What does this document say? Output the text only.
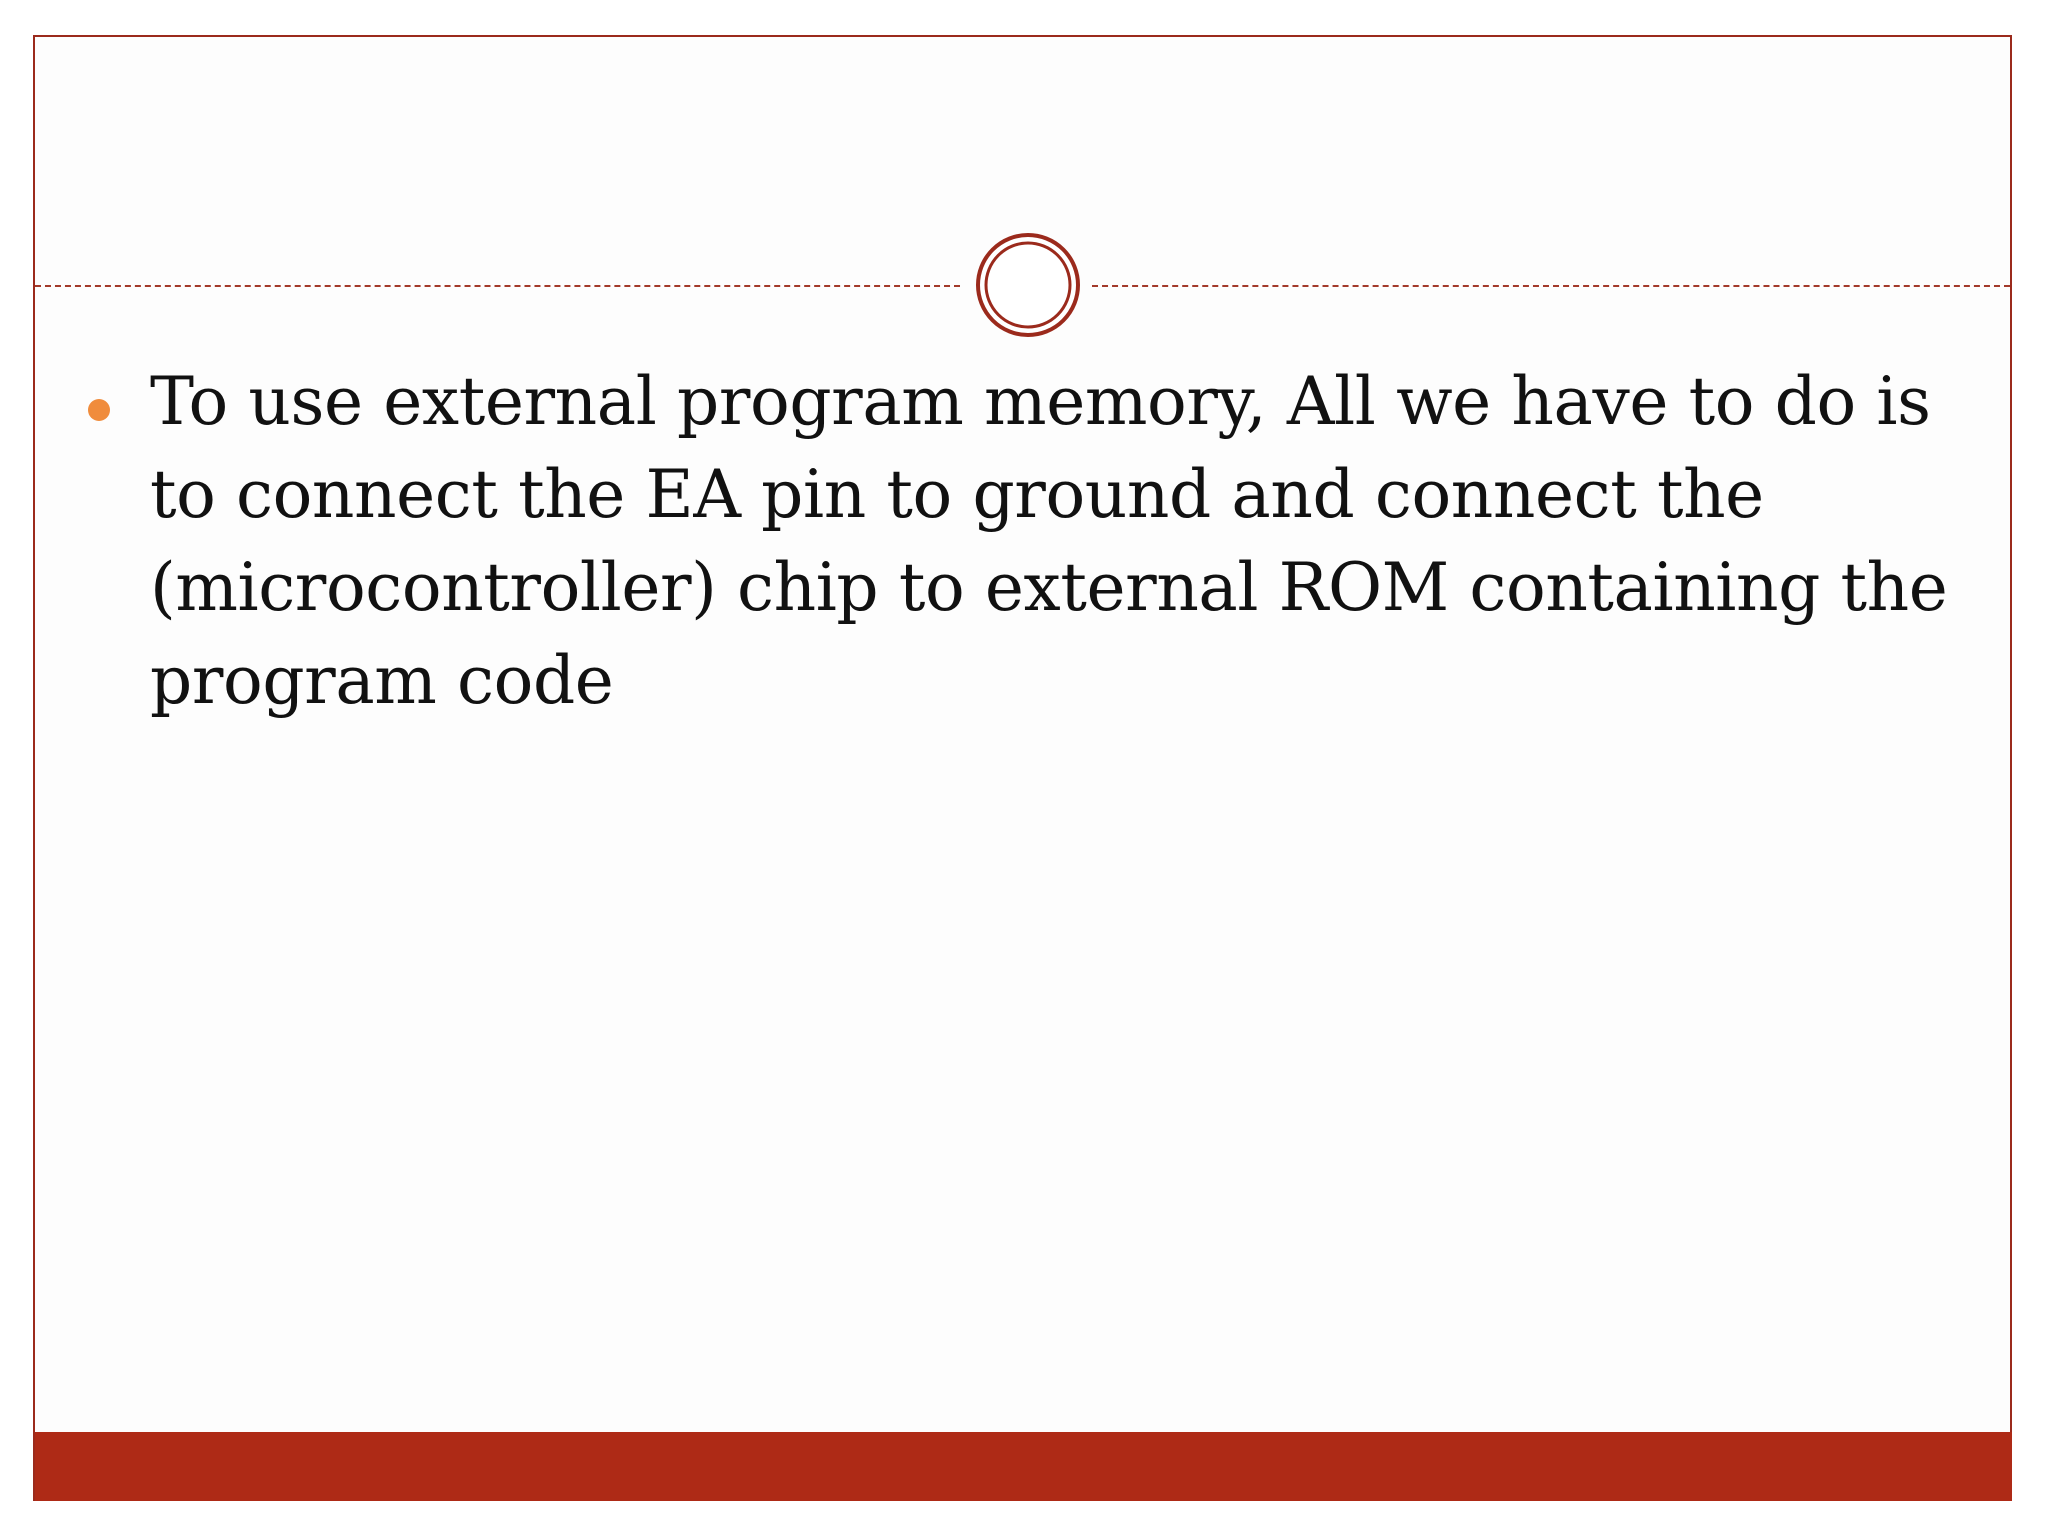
To use external program memory, All we have to do is to connect the EA pin to ground and connect the (microcontroller) chip to external ROM containing the program code
